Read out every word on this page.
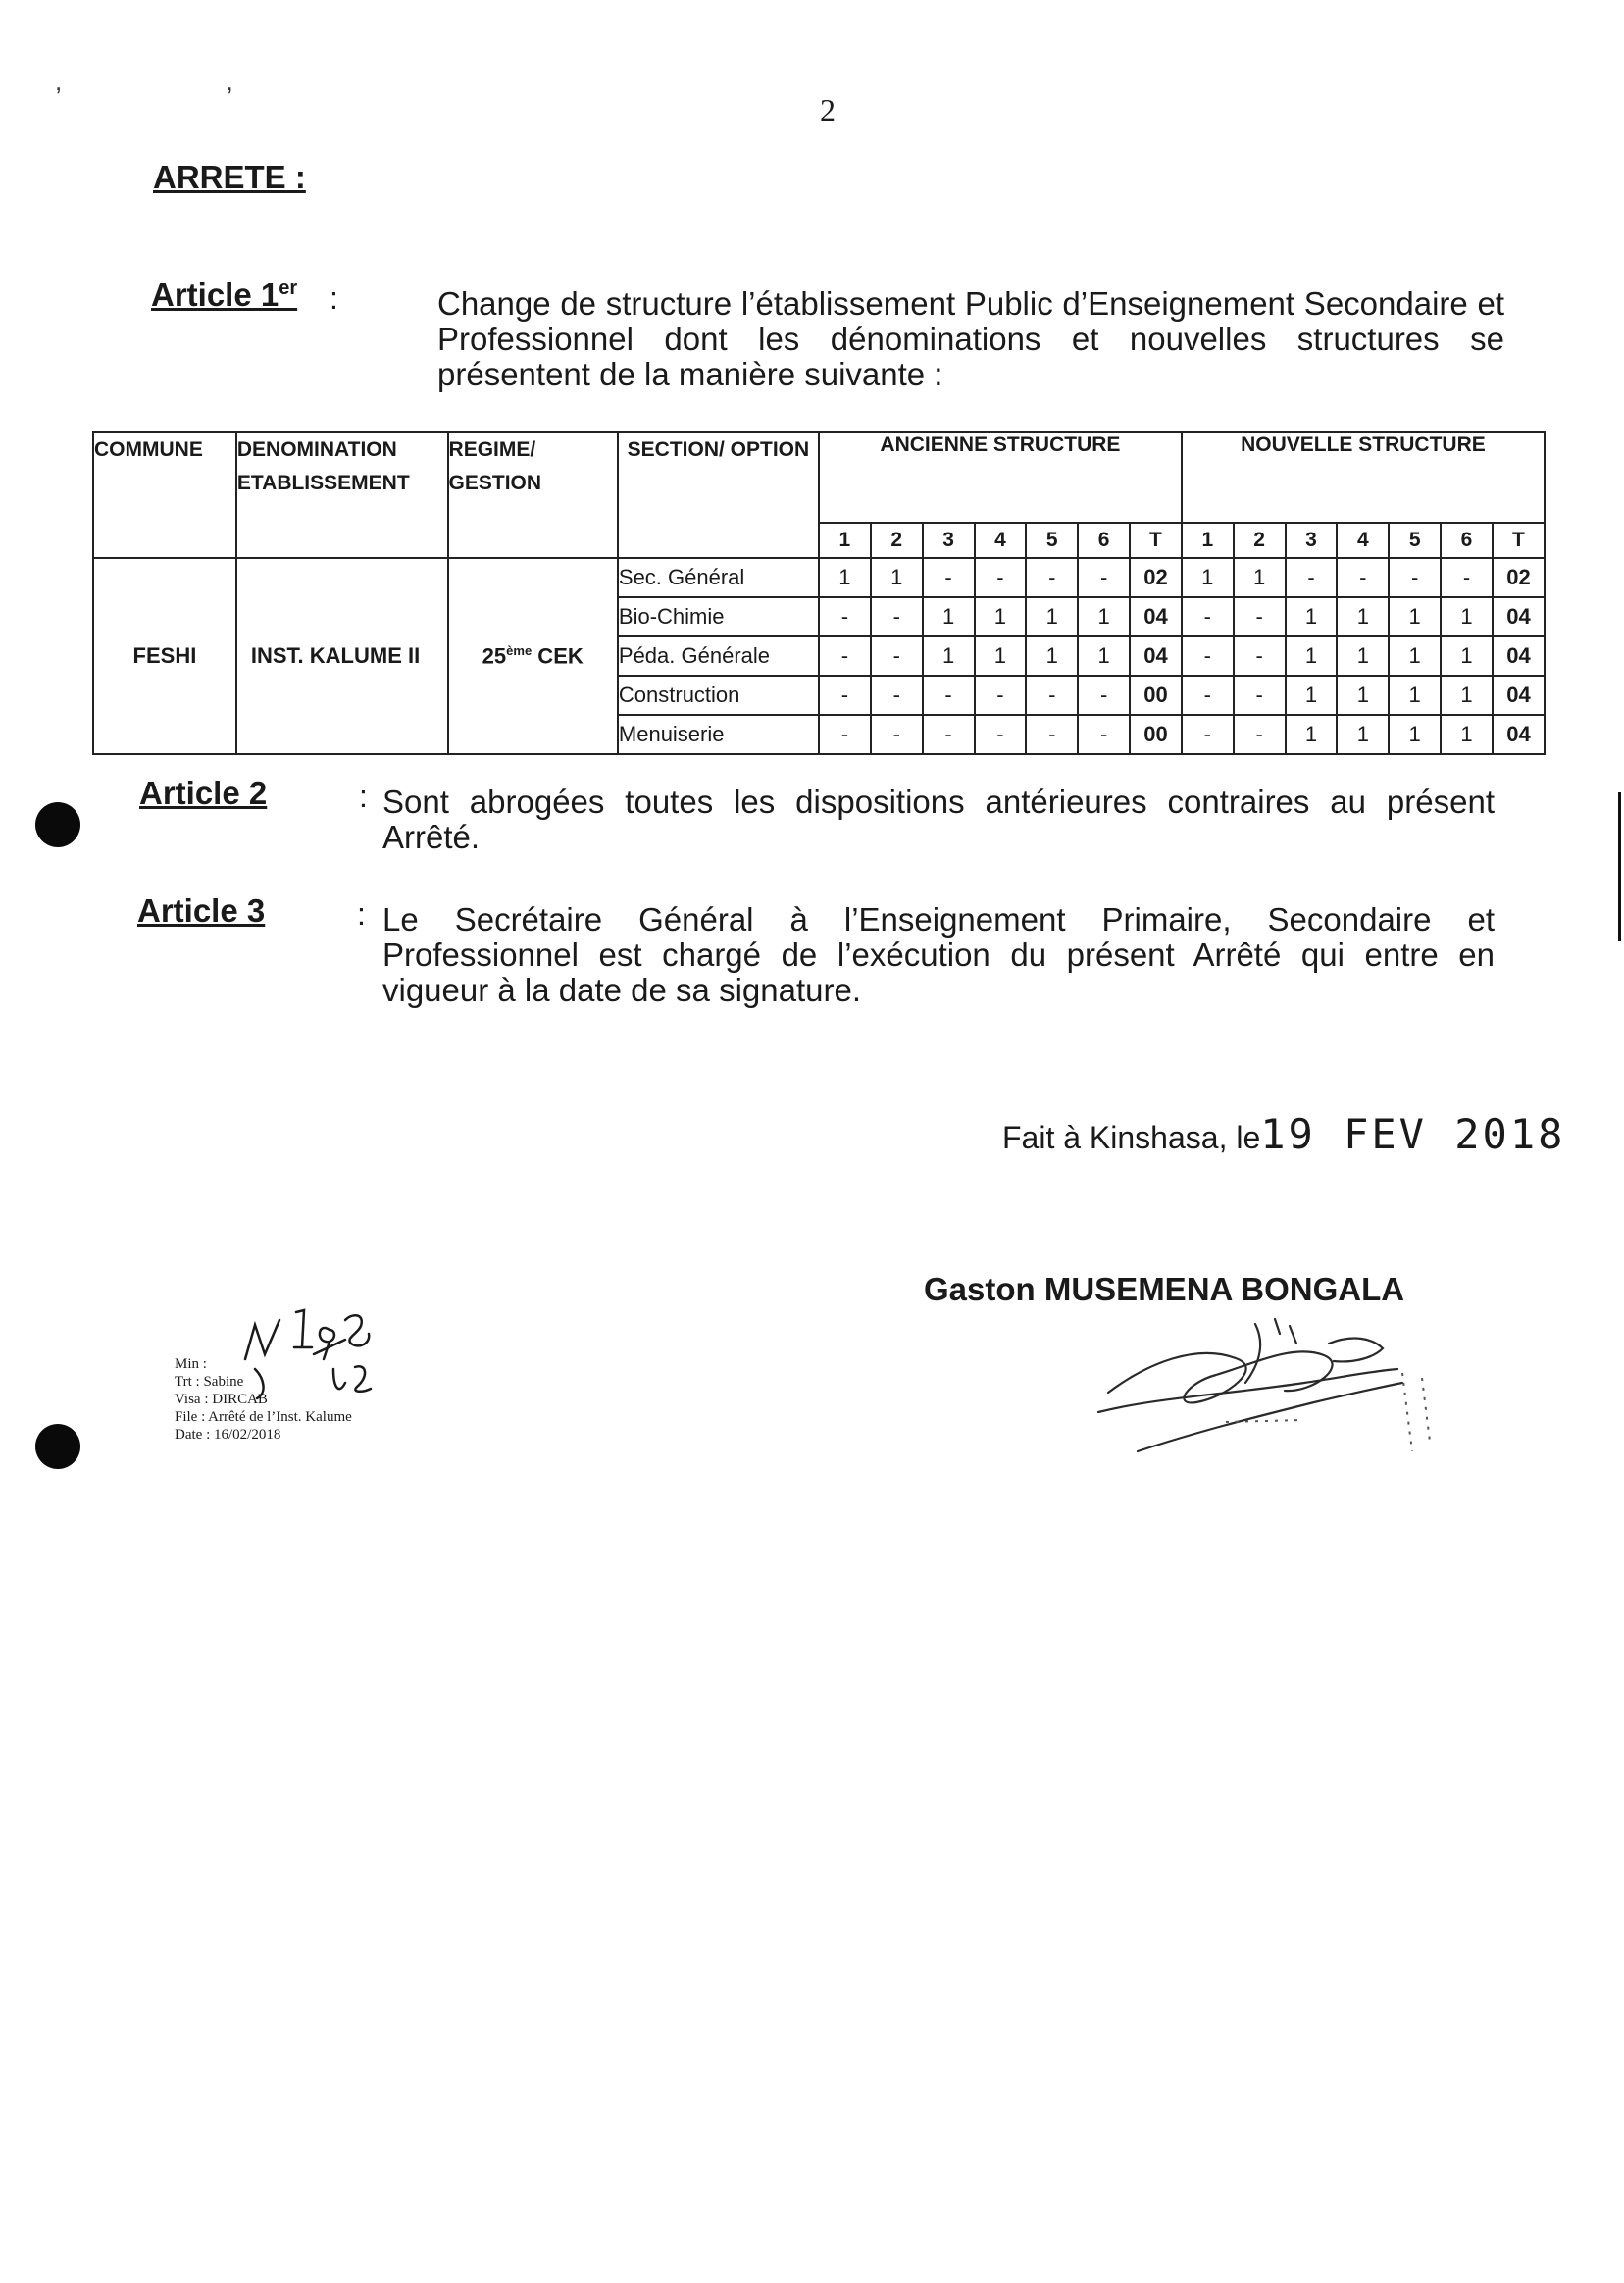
, ,
2
ARRETE :
Article 1er :	Change de structure l’établissement Public d’Enseignement Secondaire et Professionnel dont les dénominations et nouvelles structures se présentent de la manière suivante :
COMMUNE	DENOMINATION ETABLISSEMENT	REGIME/ GESTION	SECTION/ OPTION	ANCIENNE STRUCTURE							NOUVELLE STRUCTURE						
				1	2	3	4	5	6	T	1	2	3	4	5	6	T
FESHI	INST. KALUME II	25ème CEK	Sec. Général	1	1	-	-	-	-	02	1	1	-	-	-	-	02
			Bio-Chimie	-	-	1	1	1	1	04	-	-	1	1	1	1	04
			Péda. Générale	-	-	1	1	1	1	04	-	-	1	1	1	1	04
			Construction	-	-	-	-	-	-	00	-	-	1	1	1	1	04
			Menuiserie	-	-	-	-	-	-	00	-	-	1	1	1	1	04
Article 2	: Sont abrogées toutes les dispositions antérieures contraires au présent Arrêté.
Article 3	: Le Secrétaire Général à l’Enseignement Primaire, Secondaire et Professionnel est chargé de l’exécution du présent Arrêté qui entre en vigueur à la date de sa signature.
Fait à Kinshasa, le19 FEV 2018
Gaston MUSEMENA BONGALA
Min :
Trt : Sabine
Visa : DIRCAB
File : Arrêté de l’Inst. Kalume
Date : 16/02/2018
